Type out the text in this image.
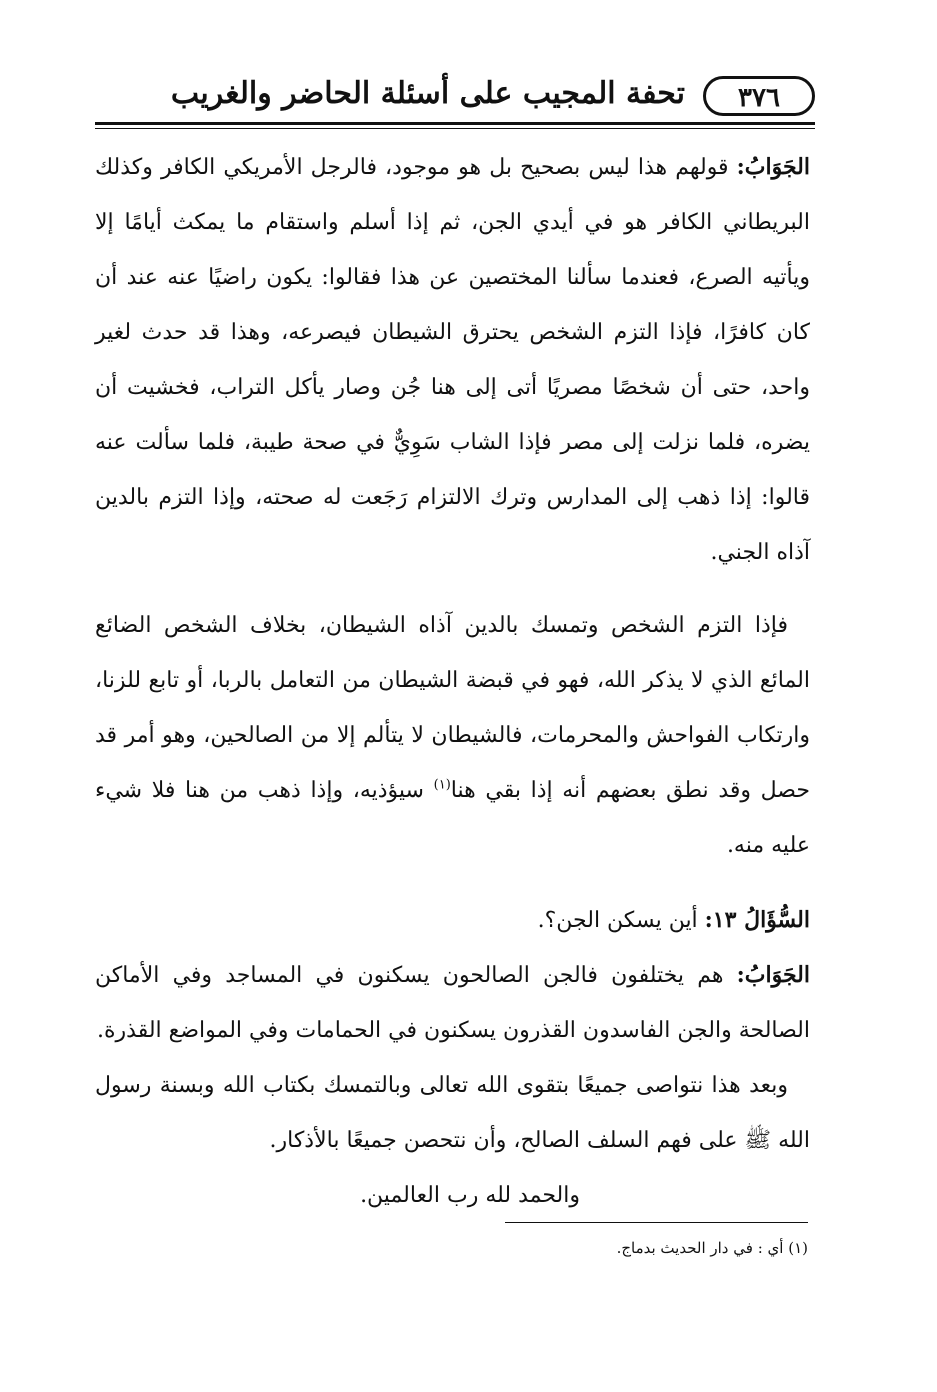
٣٧٦
تحفة المجيب على أسئلة الحاضر والغريب

الجَوَابُ: قولهم هذا ليس بصحيح بل هو موجود، فالرجل الأمريكي الكافر وكذلك البريطاني الكافر هو في أيدي الجن، ثم إذا أسلم واستقام ما يمكث أيامًا إلا ويأتيه الصرع، فعندما سألنا المختصين عن هذا فقالوا: يكون راضيًا عنه عند أن كان كافرًا، فإذا التزم الشخص يحترق الشيطان فيصرعه، وهذا قد حدث لغير واحد، حتى أن شخصًا مصريًا أتى إلى هنا جُن وصار يأكل التراب، فخشيت أن يضره، فلما نزلت إلى مصر فإذا الشاب سَوِيٌّ في صحة طيبة، فلما سألت عنه قالوا: إذا ذهب إلى المدارس وترك الالتزام رَجَعت له صحته، وإذا التزم بالدين آذاه الجني.

فإذا التزم الشخص وتمسك بالدين آذاه الشيطان، بخلاف الشخص الضائع المائع الذي لا يذكر الله، فهو في قبضة الشيطان من التعامل بالربا، أو تابع للزنا، وارتكاب الفواحش والمحرمات، فالشيطان لا يتألم إلا من الصالحين، وهو أمر قد حصل وقد نطق بعضهم أنه إذا بقي هنا$^{(١)}$ سيؤذيه، وإذا ذهب من هنا فلا شيء عليه منه.

السُّؤَالُ ١٣: أين يسكن الجن؟.

الجَوَابُ: هم يختلفون فالجن الصالحون يسكنون في المساجد وفي الأماكن الصالحة والجن الفاسدون القذرون يسكنون في الحمامات وفي المواضع القذرة.

وبعد هذا نتواصى جميعًا بتقوى الله تعالى وبالتمسك بكتاب الله وبسنة رسول الله ﷺ على فهم السلف الصالح، وأن نتحصن جميعًا بالأذكار.

والحمد لله رب العالمين.

(١) أي : في دار الحديث بدماج.
